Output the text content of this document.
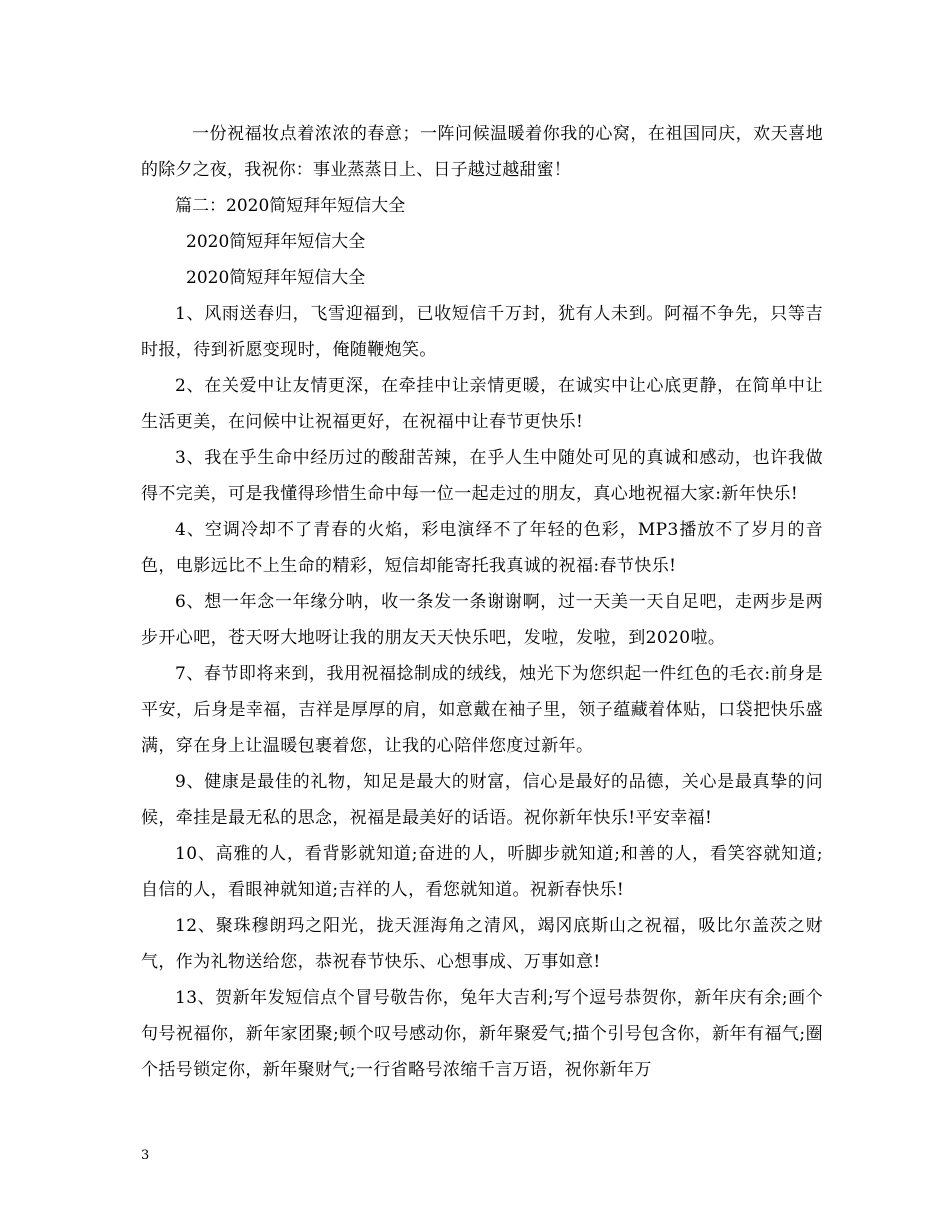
一份祝福妆点着浓浓的春意；一阵问候温暖着你我的心窝，在祖国同庆，欢天喜地的除夕之夜，我祝你：事业蒸蒸日上、日子越过越甜蜜！

篇二：2020简短拜年短信大全

2020简短拜年短信大全

2020简短拜年短信大全

1、风雨送春归，飞雪迎福到，已收短信千万封，犹有人未到。阿福不争先，只等吉时报，待到祈愿变现时，俺随鞭炮笑。

2、在关爱中让友情更深，在牵挂中让亲情更暖，在诚实中让心底更静，在简单中让生活更美，在问候中让祝福更好，在祝福中让春节更快乐!

3、我在乎生命中经历过的酸甜苦辣，在乎人生中随处可见的真诚和感动，也许我做得不完美，可是我懂得珍惜生命中每一位一起走过的朋友，真心地祝福大家:新年快乐!

4、空调冷却不了青春的火焰，彩电演绎不了年轻的色彩，MP3播放不了岁月的音色，电影远比不上生命的精彩，短信却能寄托我真诚的祝福:春节快乐!

6、想一年念一年缘分呐，收一条发一条谢谢啊，过一天美一天自足吧，走两步是两步开心吧，苍天呀大地呀让我的朋友天天快乐吧，发啦，发啦，到2020啦。

7、春节即将来到，我用祝福捻制成的绒线，烛光下为您织起一件红色的毛衣:前身是平安，后身是幸福，吉祥是厚厚的肩，如意戴在袖子里，领子蕴藏着体贴，口袋把快乐盛满，穿在身上让温暖包裹着您，让我的心陪伴您度过新年。

9、健康是最佳的礼物，知足是最大的财富，信心是最好的品德，关心是最真挚的问候，牵挂是最无私的思念，祝福是最美好的话语。祝你新年快乐!平安幸福!

10、高雅的人，看背影就知道;奋进的人，听脚步就知道;和善的人，看笑容就知道;自信的人，看眼神就知道;吉祥的人，看您就知道。祝新春快乐!

12、聚珠穆朗玛之阳光，拢天涯海角之清风，竭冈底斯山之祝福，吸比尔盖茨之财气，作为礼物送给您，恭祝春节快乐、心想事成、万事如意!

13、贺新年发短信点个冒号敬告你，兔年大吉利;写个逗号恭贺你，新年庆有余;画个句号祝福你，新年家团聚;顿个叹号感动你，新年聚爱气;描个引号包含你，新年有福气;圈个括号锁定你，新年聚财气;一行省略号浓缩千言万语，祝你新年万

3
